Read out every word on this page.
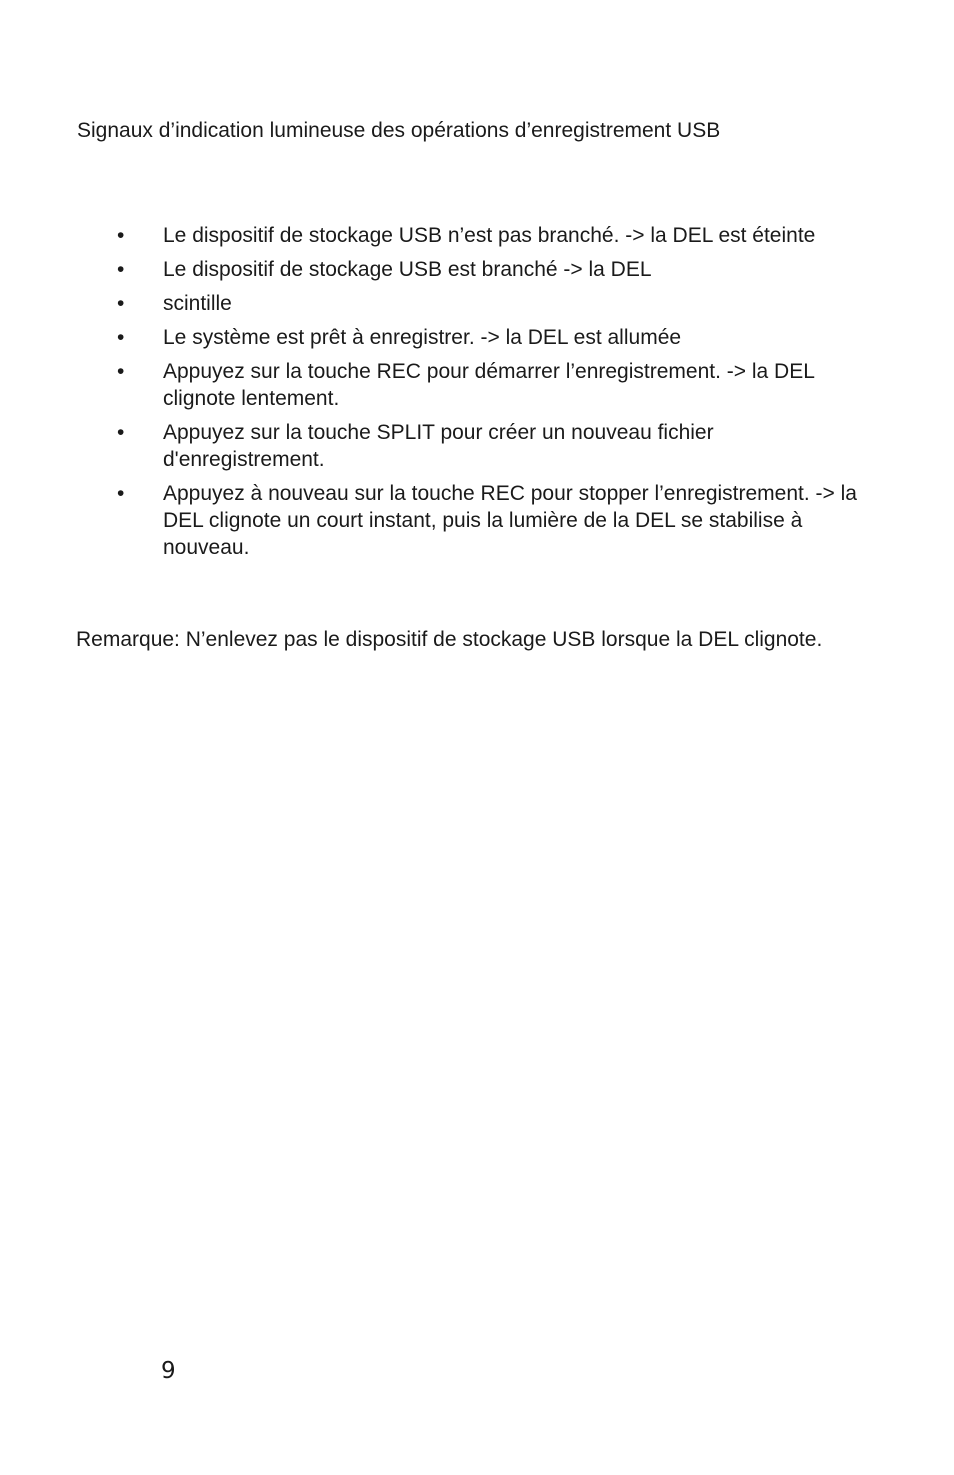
Signaux d’indication lumineuse des opérations d’enregistrement USB
• Le dispositif de stockage USB n’est pas branché. -> la DEL est éteinte
• Le dispositif de stockage USB est branché -> la DEL
• scintille
• Le système est prêt à enregistrer. -> la DEL est allumée
• Appuyez sur la touche REC pour démarrer l’enregistrement. -> la DEL clignote lentement.
• Appuyez sur la touche SPLIT pour créer un nouveau fichier d'enregistrement.
• Appuyez à nouveau sur la touche REC pour stopper l’enregistrement. -> la DEL clignote un court instant, puis la lumière de la DEL se stabilise à nouveau.

Remarque: N’enlevez pas le dispositif de stockage USB lorsque la DEL clignote.

9
